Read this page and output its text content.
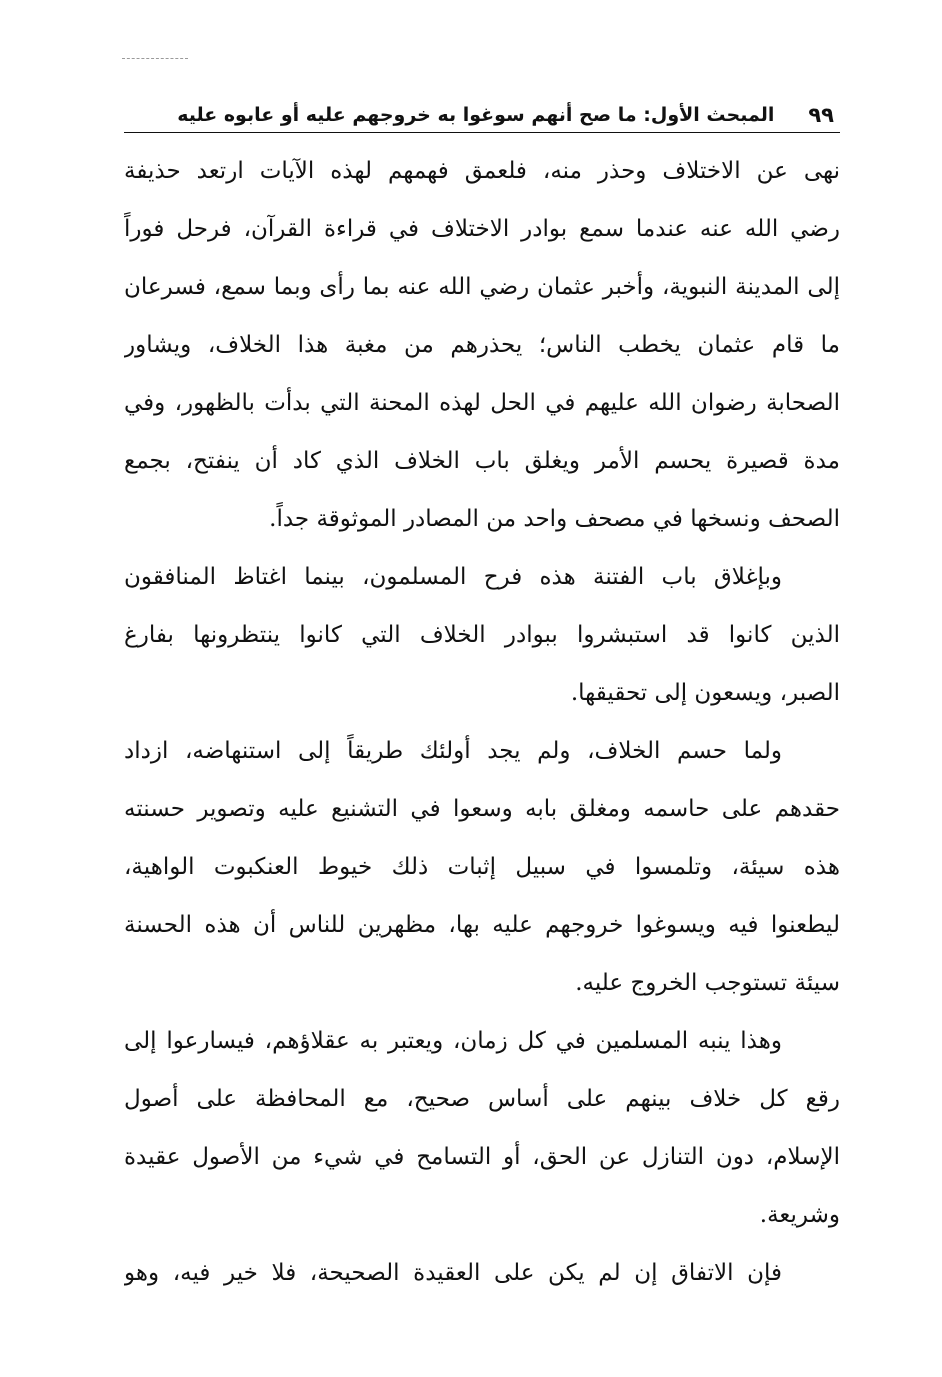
٩٩
المبحث الأول: ما صح أنهم سوغوا به خروجهم عليه أو عابوه عليه

نهى عن الاختلاف وحذر منه، فلعمق فهمهم لهذه الآيات ارتعد حذيفة
رضي الله عنه عندما سمع بوادر الاختلاف في قراءة القرآن، فرحل فوراً
إلى المدينة النبوية، وأخبر عثمان رضي الله عنه بما رأى وبما سمع، فسرعان
ما قام عثمان يخطب الناس؛ يحذرهم من مغبة هذا الخلاف، ويشاور
الصحابة رضوان الله عليهم في الحل لهذه المحنة التي بدأت بالظهور، وفي
مدة قصيرة يحسم الأمر ويغلق باب الخلاف الذي كاد أن ينفتح، بجمع
الصحف ونسخها في مصحف واحد من المصادر الموثوقة جداً.

وبإغلاق باب الفتنة هذه فرح المسلمون، بينما اغتاظ المنافقون
الذين كانوا قد استبشروا ببوادر الخلاف التي كانوا ينتظرونها بفارغ
الصبر، ويسعون إلى تحقيقها.

ولما حسم الخلاف، ولم يجد أولئك طريقاً إلى استنهاضه، ازداد
حقدهم على حاسمه ومغلق بابه وسعوا في التشنيع عليه وتصوير حسنته
هذه سيئة، وتلمسوا في سبيل إثبات ذلك خيوط العنكبوت الواهية،
ليطعنوا فيه ويسوغوا خروجهم عليه بها، مظهرين للناس أن هذه الحسنة
سيئة تستوجب الخروج عليه.

وهذا ينبه المسلمين في كل زمان، ويعتبر به عقلاؤهم، فيسارعوا إلى
رقع كل خلاف بينهم على أساس صحيح، مع المحافظة على أصول
الإسلام، دون التنازل عن الحق، أو التسامح في شيء من الأصول عقيدة
وشريعة.

فإن الاتفاق إن لم يكن على العقيدة الصحيحة، فلا خير فيه، وهو
